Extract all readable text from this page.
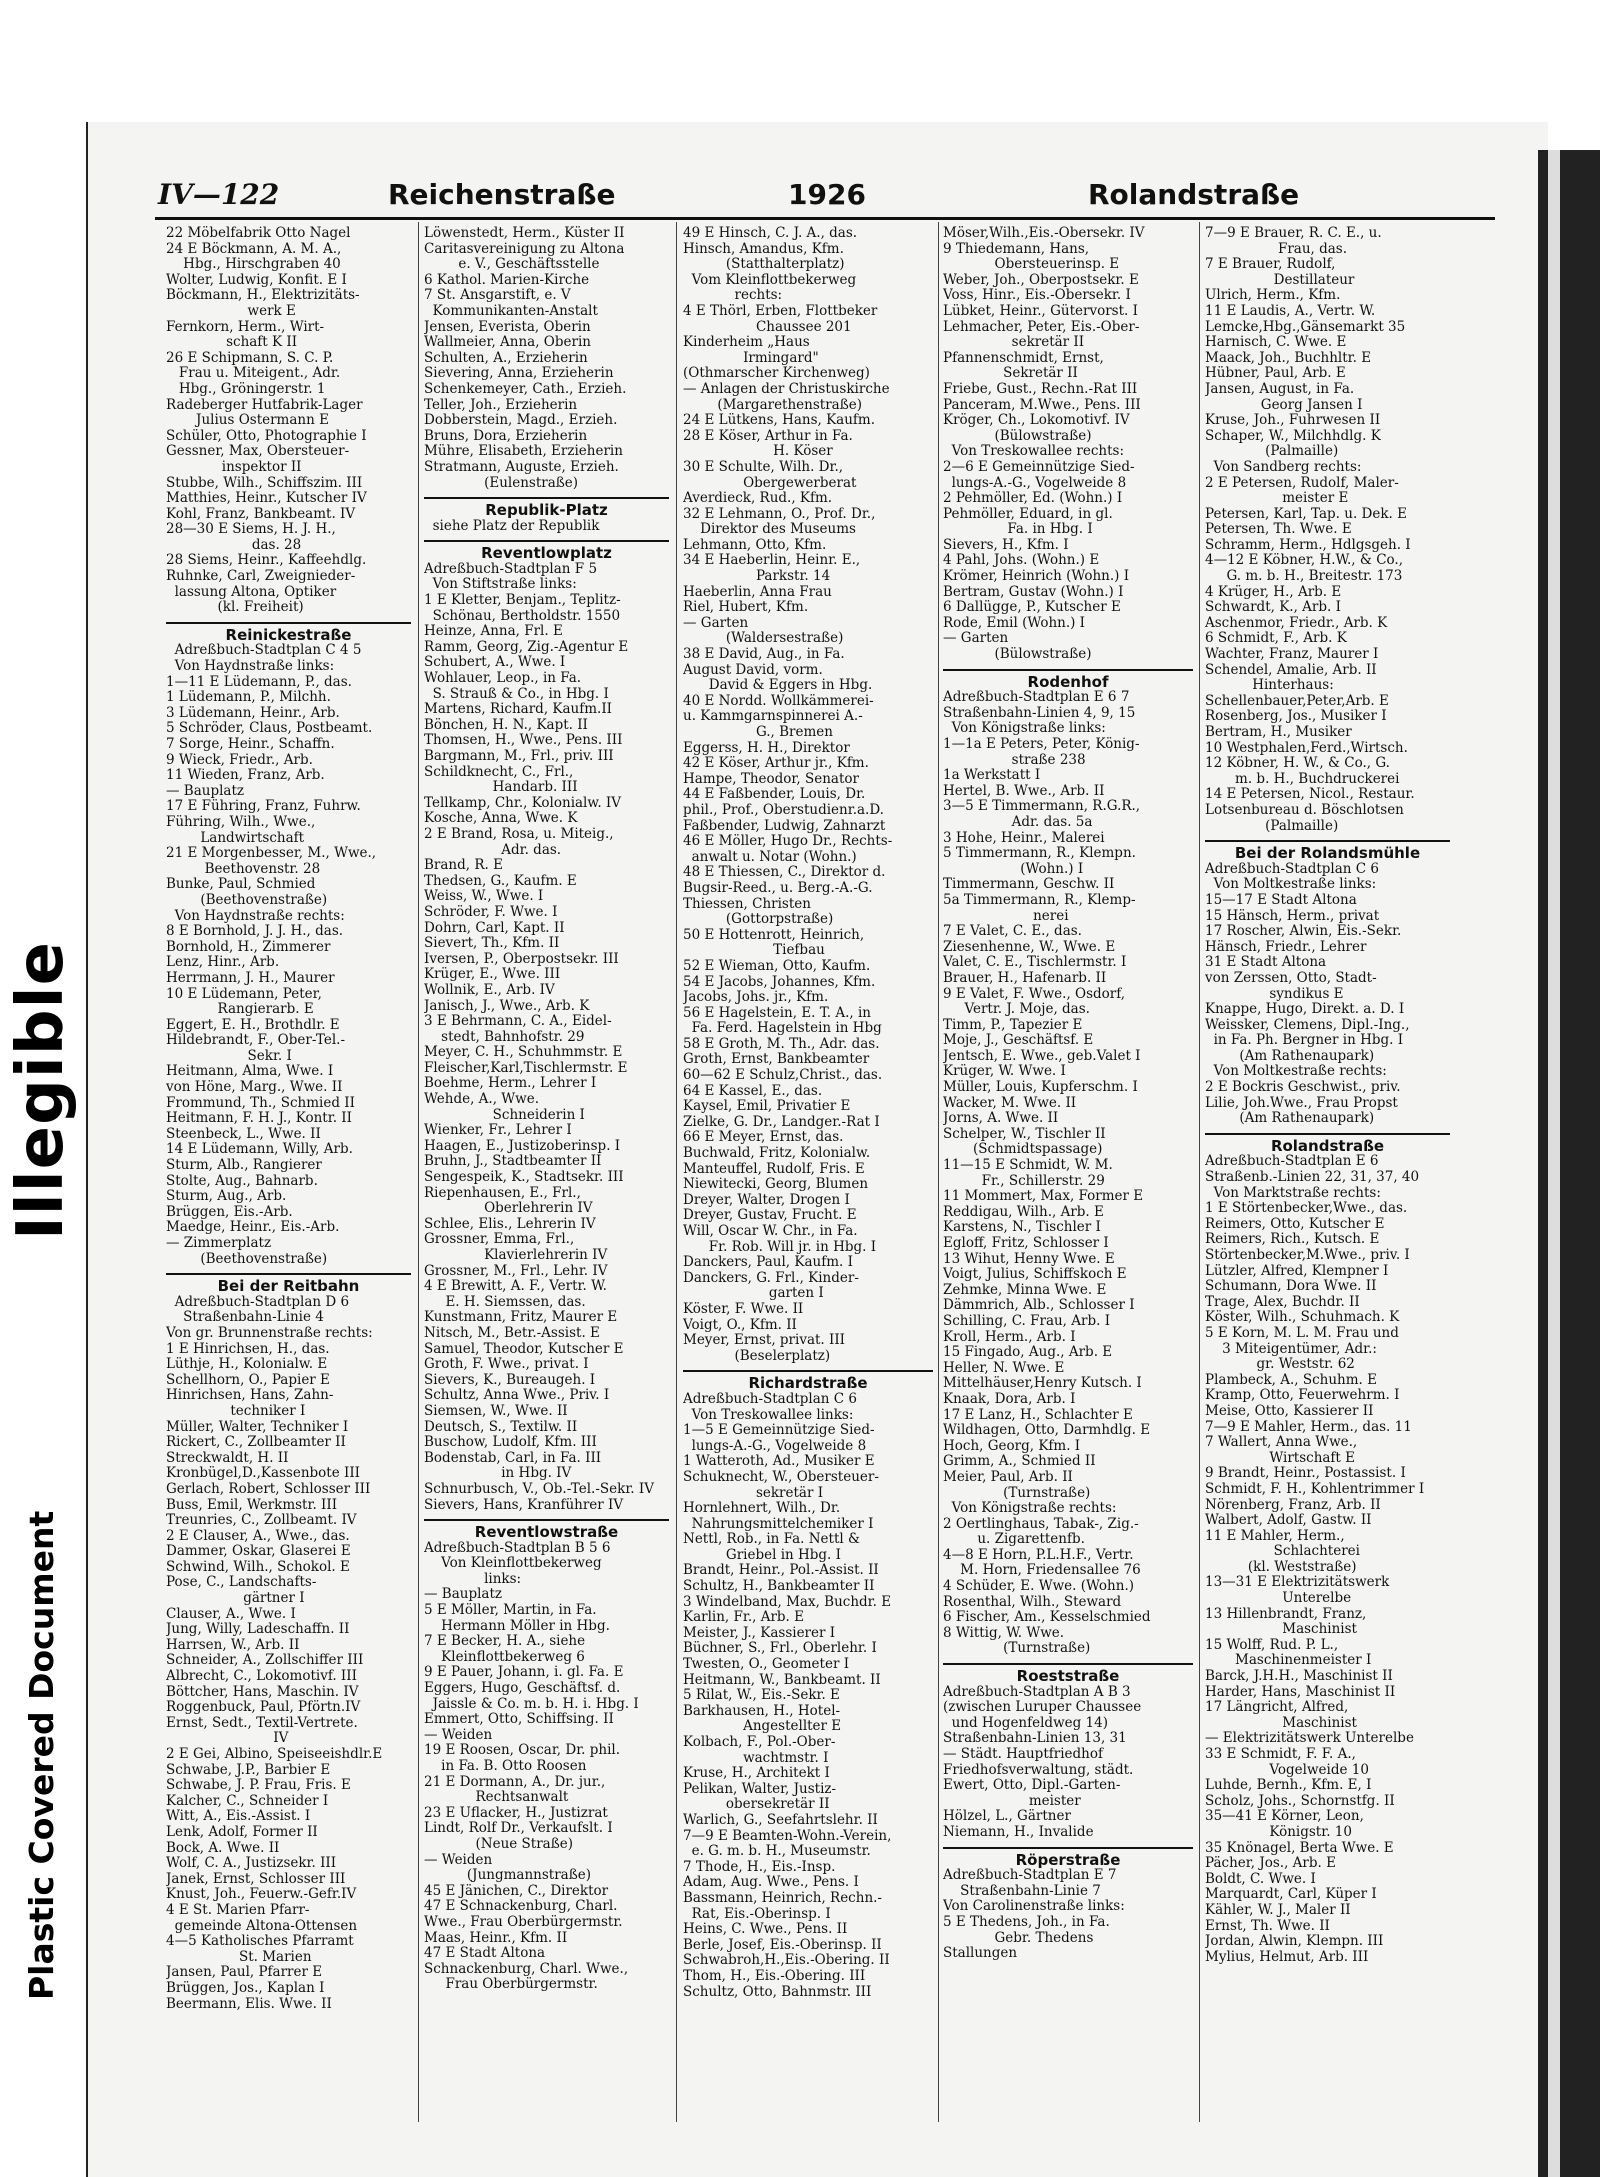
Illegible
Plastic Covered Document
IV—122	Reichenstraße	1926	Rolandstraße
22 Möbelfabrik Otto Nagel
24 E Böckmann, A. M. A.,
Hbg., Hirschgraben 40
Wolter, Ludwig, Konfit. E I
Böckmann, H., Elektrizitäts-
werk E
Fernkorn, Herm., Wirt-
schaft K II
26 E Schipmann, S. C. P.
Frau u. Miteigent., Adr.
Hbg., Gröningerstr. 1
Radeberger Hutfabrik-Lager
Julius Ostermann E
Schüler, Otto, Photographie I
Gessner, Max, Obersteuer-
inspektor II
Stubbe, Wilh., Schiffszim. III
Matthies, Heinr., Kutscher IV
Kohl, Franz, Bankbeamt. IV
28—30 E Siems, H. J. H.,
das. 28
28 Siems, Heinr., Kaffeehdlg.
Ruhnke, Carl, Zweignieder-
lassung Altona, Optiker
(kl. Freiheit)
Reinickestraße
Adreßbuch-Stadtplan C 4 5
Von Haydnstraße links:
1—11 E Lüdemann, P., das.
1 Lüdemann, P., Milchh.
3 Lüdemann, Heinr., Arb.
5 Schröder, Claus, Postbeamt.
7 Sorge, Heinr., Schaffn.
9 Wieck, Friedr., Arb.
11 Wieden, Franz, Arb.
— Bauplatz
17 E Führing, Franz, Fuhrw.
Führing, Wilh., Wwe.,
Landwirtschaft
21 E Morgenbesser, M., Wwe.,
Beethovenstr. 28
Bunke, Paul, Schmied
(Beethovenstraße)
Von Haydnstraße rechts:
8 E Bornhold, J. J. H., das.
Bornhold, H., Zimmerer
Lenz, Hinr., Arb.
Herrmann, J. H., Maurer
10 E Lüdemann, Peter,
Rangierarb. E
Eggert, E. H., Brothdlr. E
Hildebrandt, F., Ober-Tel.-
Sekr. I
Heitmann, Alma, Wwe. I
von Höne, Marg., Wwe. II
Frommund, Th., Schmied II
Heitmann, F. H. J., Kontr. II
Steenbeck, L., Wwe. II
14 E Lüdemann, Willy, Arb.
Sturm, Alb., Rangierer
Stolte, Aug., Bahnarb.
Sturm, Aug., Arb.
Brüggen, Eis.-Arb.
Maedge, Heinr., Eis.-Arb.
— Zimmerplatz
(Beethovenstraße)
Bei der Reitbahn
Adreßbuch-Stadtplan D 6
Straßenbahn-Linie 4
Von gr. Brunnenstraße rechts:
1 E Hinrichsen, H., das.
Lüthje, H., Kolonialw. E
Schellhorn, O., Papier E
Hinrichsen, Hans, Zahn-
techniker I
Müller, Walter, Techniker I
Rickert, C., Zollbeamter II
Streckwaldt, H. II
Kronbügel,D.,Kassenbote III
Gerlach, Robert, Schlosser III
Buss, Emil, Werkmstr. III
Treunries, C., Zollbeamt. IV
2 E Clauser, A., Wwe., das.
Dammer, Oskar, Glaserei E
Schwind, Wilh., Schokol. E
Pose, C., Landschafts-
gärtner I
Clauser, A., Wwe. I
Jung, Willy, Ladeschaffn. II
Harrsen, W., Arb. II
Schneider, A., Zollschiffer III
Albrecht, C., Lokomotivf. III
Böttcher, Hans, Maschin. IV
Roggenbuck, Paul, Pförtn.IV
Ernst, Sedt., Textil-Vertrete.
IV
2 E Gei, Albino, Speiseeishdlr.E
Schwabe, J.P., Barbier E
Schwabe, J. P. Frau, Fris. E
Kalcher, C., Schneider I
Witt, A., Eis.-Assist. I
Lenk, Adolf, Former II
Bock, A. Wwe. II
Wolf, C. A., Justizsekr. III
Janek, Ernst, Schlosser III
Knust, Joh., Feuerw.-Gefr.IV
4 E St. Marien Pfarr-
gemeinde Altona-Ottensen
4—5 Katholisches Pfarramt
St. Marien
Jansen, Paul, Pfarrer E
Brüggen, Jos., Kaplan I
Beermann, Elis. Wwe. II
Löwenstedt, Herm., Küster II
Caritasvereinigung zu Altona
e. V., Geschäftsstelle
6 Kathol. Marien-Kirche
7 St. Ansgarstift, e. V
Kommunikanten-Anstalt
Jensen, Everista, Oberin
Wallmeier, Anna, Oberin
Schulten, A., Erzieherin
Sievering, Anna, Erzieherin
Schenkemeyer, Cath., Erzieh.
Teller, Joh., Erzieherin
Dobberstein, Magd., Erzieh.
Bruns, Dora, Erzieherin
Mühre, Elisabeth, Erzieherin
Stratmann, Auguste, Erzieh.
(Eulenstraße)
Republik-Platz
siehe Platz der Republik
Reventlowplatz
Adreßbuch-Stadtplan F 5
Von Stiftstraße links:
1 E Kletter, Benjam., Teplitz-
Schönau, Bertholdstr. 1550
Heinze, Anna, Frl. E
Ramm, Georg, Zig.-Agentur E
Schubert, A., Wwe. I
Wohlauer, Leop., in Fa.
S. Strauß & Co., in Hbg. I
Martens, Richard, Kaufm.II
Bönchen, H. N., Kapt. II
Thomsen, H., Wwe., Pens. III
Bargmann, M., Frl., priv. III
Schildknecht, C., Frl.,
Handarb. III
Tellkamp, Chr., Kolonialw. IV
Kosche, Anna, Wwe. K
2 E Brand, Rosa, u. Miteig.,
Adr. das.
Brand, R. E
Thedsen, G., Kaufm. E
Weiss, W., Wwe. I
Schröder, F. Wwe. I
Dohrn, Carl, Kapt. II
Sievert, Th., Kfm. II
Iversen, P., Oberpostsekr. III
Krüger, E., Wwe. III
Wollnik, E., Arb. IV
Janisch, J., Wwe., Arb. K
3 E Behrmann, C. A., Eidel-
stedt, Bahnhofstr. 29
Meyer, C. H., Schuhmmstr. E
Fleischer,Karl,Tischlermstr. E
Boehme, Herm., Lehrer I
Wehde, A., Wwe.
Schneiderin I
Wienker, Fr., Lehrer I
Haagen, E., Justizoberinsp. I
Bruhn, J., Stadtbeamter II
Sengespeik, K., Stadtsekr. III
Riepenhausen, E., Frl.,
Oberlehrerin IV
Schlee, Elis., Lehrerin IV
Grossner, Emma, Frl.,
Klavierlehrerin IV
Grossner, M., Frl., Lehr. IV
4 E Brewitt, A. F., Vertr. W.
E. H. Siemssen, das.
Kunstmann, Fritz, Maurer E
Nitsch, M., Betr.-Assist. E
Samuel, Theodor, Kutscher E
Groth, F. Wwe., privat. I
Sievers, K., Bureaugeh. I
Schultz, Anna Wwe., Priv. I
Siemsen, W., Wwe. II
Deutsch, S., Textilw. II
Buschow, Ludolf, Kfm. III
Bodenstab, Carl, in Fa. III
in Hbg. IV
Schnurbusch, V., Ob.-Tel.-Sekr. IV
Sievers, Hans, Kranführer IV
Reventlowstraße
Adreßbuch-Stadtplan B 5 6
Von Kleinflottbekerweg
links:
— Bauplatz
5 E Möller, Martin, in Fa.
Hermann Möller in Hbg.
7 E Becker, H. A., siehe
Kleinflottbekerweg 6
9 E Pauer, Johann, i. gl. Fa. E
Eggers, Hugo, Geschäftsf. d.
Jaissle & Co. m. b. H. i. Hbg. I
Emmert, Otto, Schiffsing. II
— Weiden
19 E Roosen, Oscar, Dr. phil.
in Fa. B. Otto Roosen
21 E Dormann, A., Dr. jur.,
Rechtsanwalt
23 E Uflacker, H., Justizrat
Lindt, Rolf Dr., Verkaufslt. I
(Neue Straße)
— Weiden
(Jungmannstraße)
45 E Jänichen, C., Direktor
47 E Schnackenburg, Charl.
Wwe., Frau Oberbürgermstr.
Maas, Heinr., Kfm. II
47 E Stadt Altona
Schnackenburg, Charl. Wwe.,
Frau Oberbürgermstr.
49 E Hinsch, C. J. A., das.
Hinsch, Amandus, Kfm.
(Statthalterplatz)
Vom Kleinflottbekerweg
rechts:
4 E Thörl, Erben, Flottbeker
Chaussee 201
Kinderheim „Haus
Irmingard"
(Othmarscher Kirchenweg)
— Anlagen der Christuskirche
(Margarethenstraße)
24 E Lütkens, Hans, Kaufm.
28 E Köser, Arthur in Fa.
H. Köser
30 E Schulte, Wilh. Dr.,
Obergewerberat
Averdieck, Rud., Kfm.
32 E Lehmann, O., Prof. Dr.,
Direktor des Museums
Lehmann, Otto, Kfm.
34 E Haeberlin, Heinr. E.,
Parkstr. 14
Haeberlin, Anna Frau
Riel, Hubert, Kfm.
— Garten
(Waldersestraße)
38 E David, Aug., in Fa.
August David, vorm.
David & Eggers in Hbg.
40 E Nordd. Wollkämmerei-
u. Kammgarnspinnerei A.-
G., Bremen
Eggerss, H. H., Direktor
42 E Köser, Arthur jr., Kfm.
Hampe, Theodor, Senator
44 E Faßbender, Louis, Dr.
phil., Prof., Oberstudienr.a.D.
Faßbender, Ludwig, Zahnarzt
46 E Möller, Hugo Dr., Rechts-
anwalt u. Notar (Wohn.)
48 E Thiessen, C., Direktor d.
Bugsir-Reed., u. Berg.-A.-G.
Thiessen, Christen
(Gottorpstraße)
50 E Hottenrott, Heinrich,
Tiefbau
52 E Wieman, Otto, Kaufm.
54 E Jacobs, Johannes, Kfm.
Jacobs, Johs. jr., Kfm.
56 E Hagelstein, E. T. A., in
Fa. Ferd. Hagelstein in Hbg
58 E Groth, M. Th., Adr. das.
Groth, Ernst, Bankbeamter
60—62 E Schulz,Christ., das.
64 E Kassel, E., das.
Kaysel, Emil, Privatier E
Zielke, G. Dr., Landger.-Rat I
66 E Meyer, Ernst, das.
Buchwald, Fritz, Kolonialw.
Manteuffel, Rudolf, Fris. E
Niewitecki, Georg, Blumen
Dreyer, Walter, Drogen I
Dreyer, Gustav, Frucht. E
Will, Oscar W. Chr., in Fa.
Fr. Rob. Will jr. in Hbg. I
Danckers, Paul, Kaufm. I
Danckers, G. Frl., Kinder-
garten I
Köster, F. Wwe. II
Voigt, O., Kfm. II
Meyer, Ernst, privat. III
(Beselerplatz)
Richardstraße
Adreßbuch-Stadtplan C 6
Von Treskowallee links:
1—5 E Gemeinnützige Sied-
lungs-A.-G., Vogelweide 8
1 Watteroth, Ad., Musiker E
Schuknecht, W., Obersteuer-
sekretär I
Hornlehnert, Wilh., Dr.
Nahrungsmittelchemiker I
Nettl, Rob., in Fa. Nettl &
Griebel in Hbg. I
Brandt, Heinr., Pol.-Assist. II
Schultz, H., Bankbeamter II
3 Windelband, Max, Buchdr. E
Karlin, Fr., Arb. E
Meister, J., Kassierer I
Büchner, S., Frl., Oberlehr. I
Twesten, O., Geometer I
Heitmann, W., Bankbeamt. II
5 Rilat, W., Eis.-Sekr. E
Barkhausen, H., Hotel-
Angestellter E
Kolbach, F., Pol.-Ober-
wachtmstr. I
Kruse, H., Architekt I
Pelikan, Walter, Justiz-
obersekretär II
Warlich, G., Seefahrtslehr. II
7—9 E Beamten-Wohn.-Verein,
e. G. m. b. H., Museumstr.
7 Thode, H., Eis.-Insp.
Adam, Aug. Wwe., Pens. I
Bassmann, Heinrich, Rechn.-
Rat, Eis.-Oberinsp. I
Heins, C. Wwe., Pens. II
Berle, Josef, Eis.-Oberinsp. II
Schwabroh,H.,Eis.-Obering. II
Thom, H., Eis.-Obering. III
Schultz, Otto, Bahnmstr. III
Möser,Wilh.,Eis.-Obersekr. IV
9 Thiedemann, Hans,
Obersteuerinsp. E
Weber, Joh., Oberpostsekr. E
Voss, Hinr., Eis.-Obersekr. I
Lübket, Heinr., Gütervorst. I
Lehmacher, Peter, Eis.-Ober-
sekretär II
Pfannenschmidt, Ernst,
Sekretär II
Friebe, Gust., Rechn.-Rat III
Panceram, M.Wwe., Pens. III
Kröger, Ch., Lokomotivf. IV
(Bülowstraße)
Von Treskowallee rechts:
2—6 E Gemeinnützige Sied-
lungs-A.-G., Vogelweide 8
2 Pehmöller, Ed. (Wohn.) I
Pehmöller, Eduard, in gl.
Fa. in Hbg. I
Sievers, H., Kfm. I
4 Pahl, Johs. (Wohn.) E
Krömer, Heinrich (Wohn.) I
Bertram, Gustav (Wohn.) I
6 Dallügge, P., Kutscher E
Rode, Emil (Wohn.) I
— Garten
(Bülowstraße)
Rodenhof
Adreßbuch-Stadtplan E 6 7
Straßenbahn-Linien 4, 9, 15
Von Königstraße links:
1—1a E Peters, Peter, König-
straße 238
1a Werkstatt I
Hertel, B. Wwe., Arb. II
3—5 E Timmermann, R.G.R.,
Adr. das. 5a
3 Hohe, Heinr., Malerei
5 Timmermann, R., Klempn.
(Wohn.) I
Timmermann, Geschw. II
5a Timmermann, R., Klemp-
nerei
7 E Valet, C. E., das.
Ziesenhenne, W., Wwe. E
Valet, C. E., Tischlermstr. I
Brauer, H., Hafenarb. II
9 E Valet, F. Wwe., Osdorf,
Vertr. J. Moje, das.
Timm, P., Tapezier E
Moje, J., Geschäftsf. E
Jentsch, E. Wwe., geb.Valet I
Krüger, W. Wwe. I
Müller, Louis, Kupferschm. I
Wacker, M. Wwe. II
Jorns, A. Wwe. II
Schelper, W., Tischler II
(Schmidtspassage)
11—15 E Schmidt, W. M.
Fr., Schillerstr. 29
11 Mommert, Max, Former E
Reddigau, Wilh., Arb. E
Karstens, N., Tischler I
Egloff, Fritz, Schlosser I
13 Wihut, Henny Wwe. E
Voigt, Julius, Schiffskoch E
Zehmke, Minna Wwe. E
Dämmrich, Alb., Schlosser I
Schilling, C. Frau, Arb. I
Kroll, Herm., Arb. I
15 Fingado, Aug., Arb. E
Heller, N. Wwe. E
Mittelhäuser,Henry Kutsch. I
Knaak, Dora, Arb. I
17 E Lanz, H., Schlachter E
Wildhagen, Otto, Darmhdlg. E
Hoch, Georg, Kfm. I
Grimm, A., Schmied II
Meier, Paul, Arb. II
(Turnstraße)
Von Königstraße rechts:
2 Oertlinghaus, Tabak-, Zig.-
u. Zigarettenfb.
4—8 E Horn, P.L.H.F., Vertr.
M. Horn, Friedensallee 76
4 Schüder, E. Wwe. (Wohn.)
Rosenthal, Wilh., Steward
6 Fischer, Am., Kesselschmied
8 Wittig, W. Wwe.
(Turnstraße)
Roeststraße
Adreßbuch-Stadtplan A B 3
(zwischen Luruper Chaussee
und Hogenfeldweg 14)
Straßenbahn-Linien 13, 31
— Städt. Hauptfriedhof
Friedhofsverwaltung, städt.
Ewert, Otto, Dipl.-Garten-
meister
Hölzel, L., Gärtner
Niemann, H., Invalide
Röperstraße
Adreßbuch-Stadtplan E 7
Straßenbahn-Linie 7
Von Carolinenstraße links:
5 E Thedens, Joh., in Fa.
Gebr. Thedens
Stallungen
7—9 E Brauer, R. C. E., u.
Frau, das.
7 E Brauer, Rudolf,
Destillateur
Ulrich, Herm., Kfm.
11 E Laudis, A., Vertr. W.
Lemcke,Hbg.,Gänsemarkt 35
Harnisch, C. Wwe. E
Maack, Joh., Buchhltr. E
Hübner, Paul, Arb. E
Jansen, August, in Fa.
Georg Jansen I
Kruse, Joh., Fuhrwesen II
Schaper, W., Milchhdlg. K
(Palmaille)
Von Sandberg rechts:
2 E Petersen, Rudolf, Maler-
meister E
Petersen, Karl, Tap. u. Dek. E
Petersen, Th. Wwe. E
Schramm, Herm., Hdlgsgeh. I
4—12 E Köbner, H.W., & Co.,
G. m. b. H., Breitestr. 173
4 Krüger, H., Arb. E
Schwardt, K., Arb. I
Aschenmor, Friedr., Arb. K
6 Schmidt, F., Arb. K
Wachter, Franz, Maurer I
Schendel, Amalie, Arb. II
Hinterhaus:
Schellenbauer,Peter,Arb. E
Rosenberg, Jos., Musiker I
Bertram, H., Musiker
10 Westphalen,Ferd.,Wirtsch.
12 Köbner, H. W., & Co., G.
m. b. H., Buchdruckerei
14 E Petersen, Nicol., Restaur.
Lotsenbureau d. Böschlotsen
(Palmaille)
Bei der Rolandsmühle
Adreßbuch-Stadtplan C 6
Von Moltkestraße links:
15—17 E Stadt Altona
15 Hänsch, Herm., privat
17 Roscher, Alwin, Eis.-Sekr.
Hänsch, Friedr., Lehrer
31 E Stadt Altona
von Zerssen, Otto, Stadt-
syndikus E
Knappe, Hugo, Direkt. a. D. I
Weissker, Clemens, Dipl.-Ing.,
in Fa. Ph. Bergner in Hbg. I
(Am Rathenaupark)
Von Moltkestraße rechts:
2 E Bockris Geschwist., priv.
Lilie, Joh.Wwe., Frau Propst
(Am Rathenaupark)
Rolandstraße
Adreßbuch-Stadtplan E 6
Straßenb.-Linien 22, 31, 37, 40
Von Marktstraße rechts:
1 E Störtenbecker,Wwe., das.
Reimers, Otto, Kutscher E
Reimers, Rich., Kutsch. E
Störtenbecker,M.Wwe., priv. I
Lützler, Alfred, Klempner I
Schumann, Dora Wwe. II
Trage, Alex, Buchdr. II
Köster, Wilh., Schuhmach. K
5 E Korn, M. L. M. Frau und
3 Miteigentümer, Adr.:
gr. Weststr. 62
Plambeck, A., Schuhm. E
Kramp, Otto, Feuerwehrm. I
Meise, Otto, Kassierer II
7—9 E Mahler, Herm., das. 11
7 Wallert, Anna Wwe.,
Wirtschaft E
9 Brandt, Heinr., Postassist. I
Schmidt, F. H., Kohlentrimmer I
Nörenberg, Franz, Arb. II
Walbert, Adolf, Gastw. II
11 E Mahler, Herm.,
Schlachterei
(kl. Weststraße)
13—31 E Elektrizitätswerk
Unterelbe
13 Hillenbrandt, Franz,
Maschinist
15 Wolff, Rud. P. L.,
Maschinenmeister I
Barck, J.H.H., Maschinist II
Harder, Hans, Maschinist II
17 Längricht, Alfred,
Maschinist
— Elektrizitätswerk Unterelbe
33 E Schmidt, F. F. A.,
Vogelweide 10
Luhde, Bernh., Kfm. E, I
Scholz, Johs., Schornstfg. II
35—41 E Körner, Leon,
Königstr. 10
35 Knönagel, Berta Wwe. E
Pächer, Jos., Arb. E
Boldt, C. Wwe. I
Marquardt, Carl, Küper I
Kähler, W. J., Maler II
Ernst, Th. Wwe. II
Jordan, Alwin, Klempn. III
Mylius, Helmut, Arb. III
